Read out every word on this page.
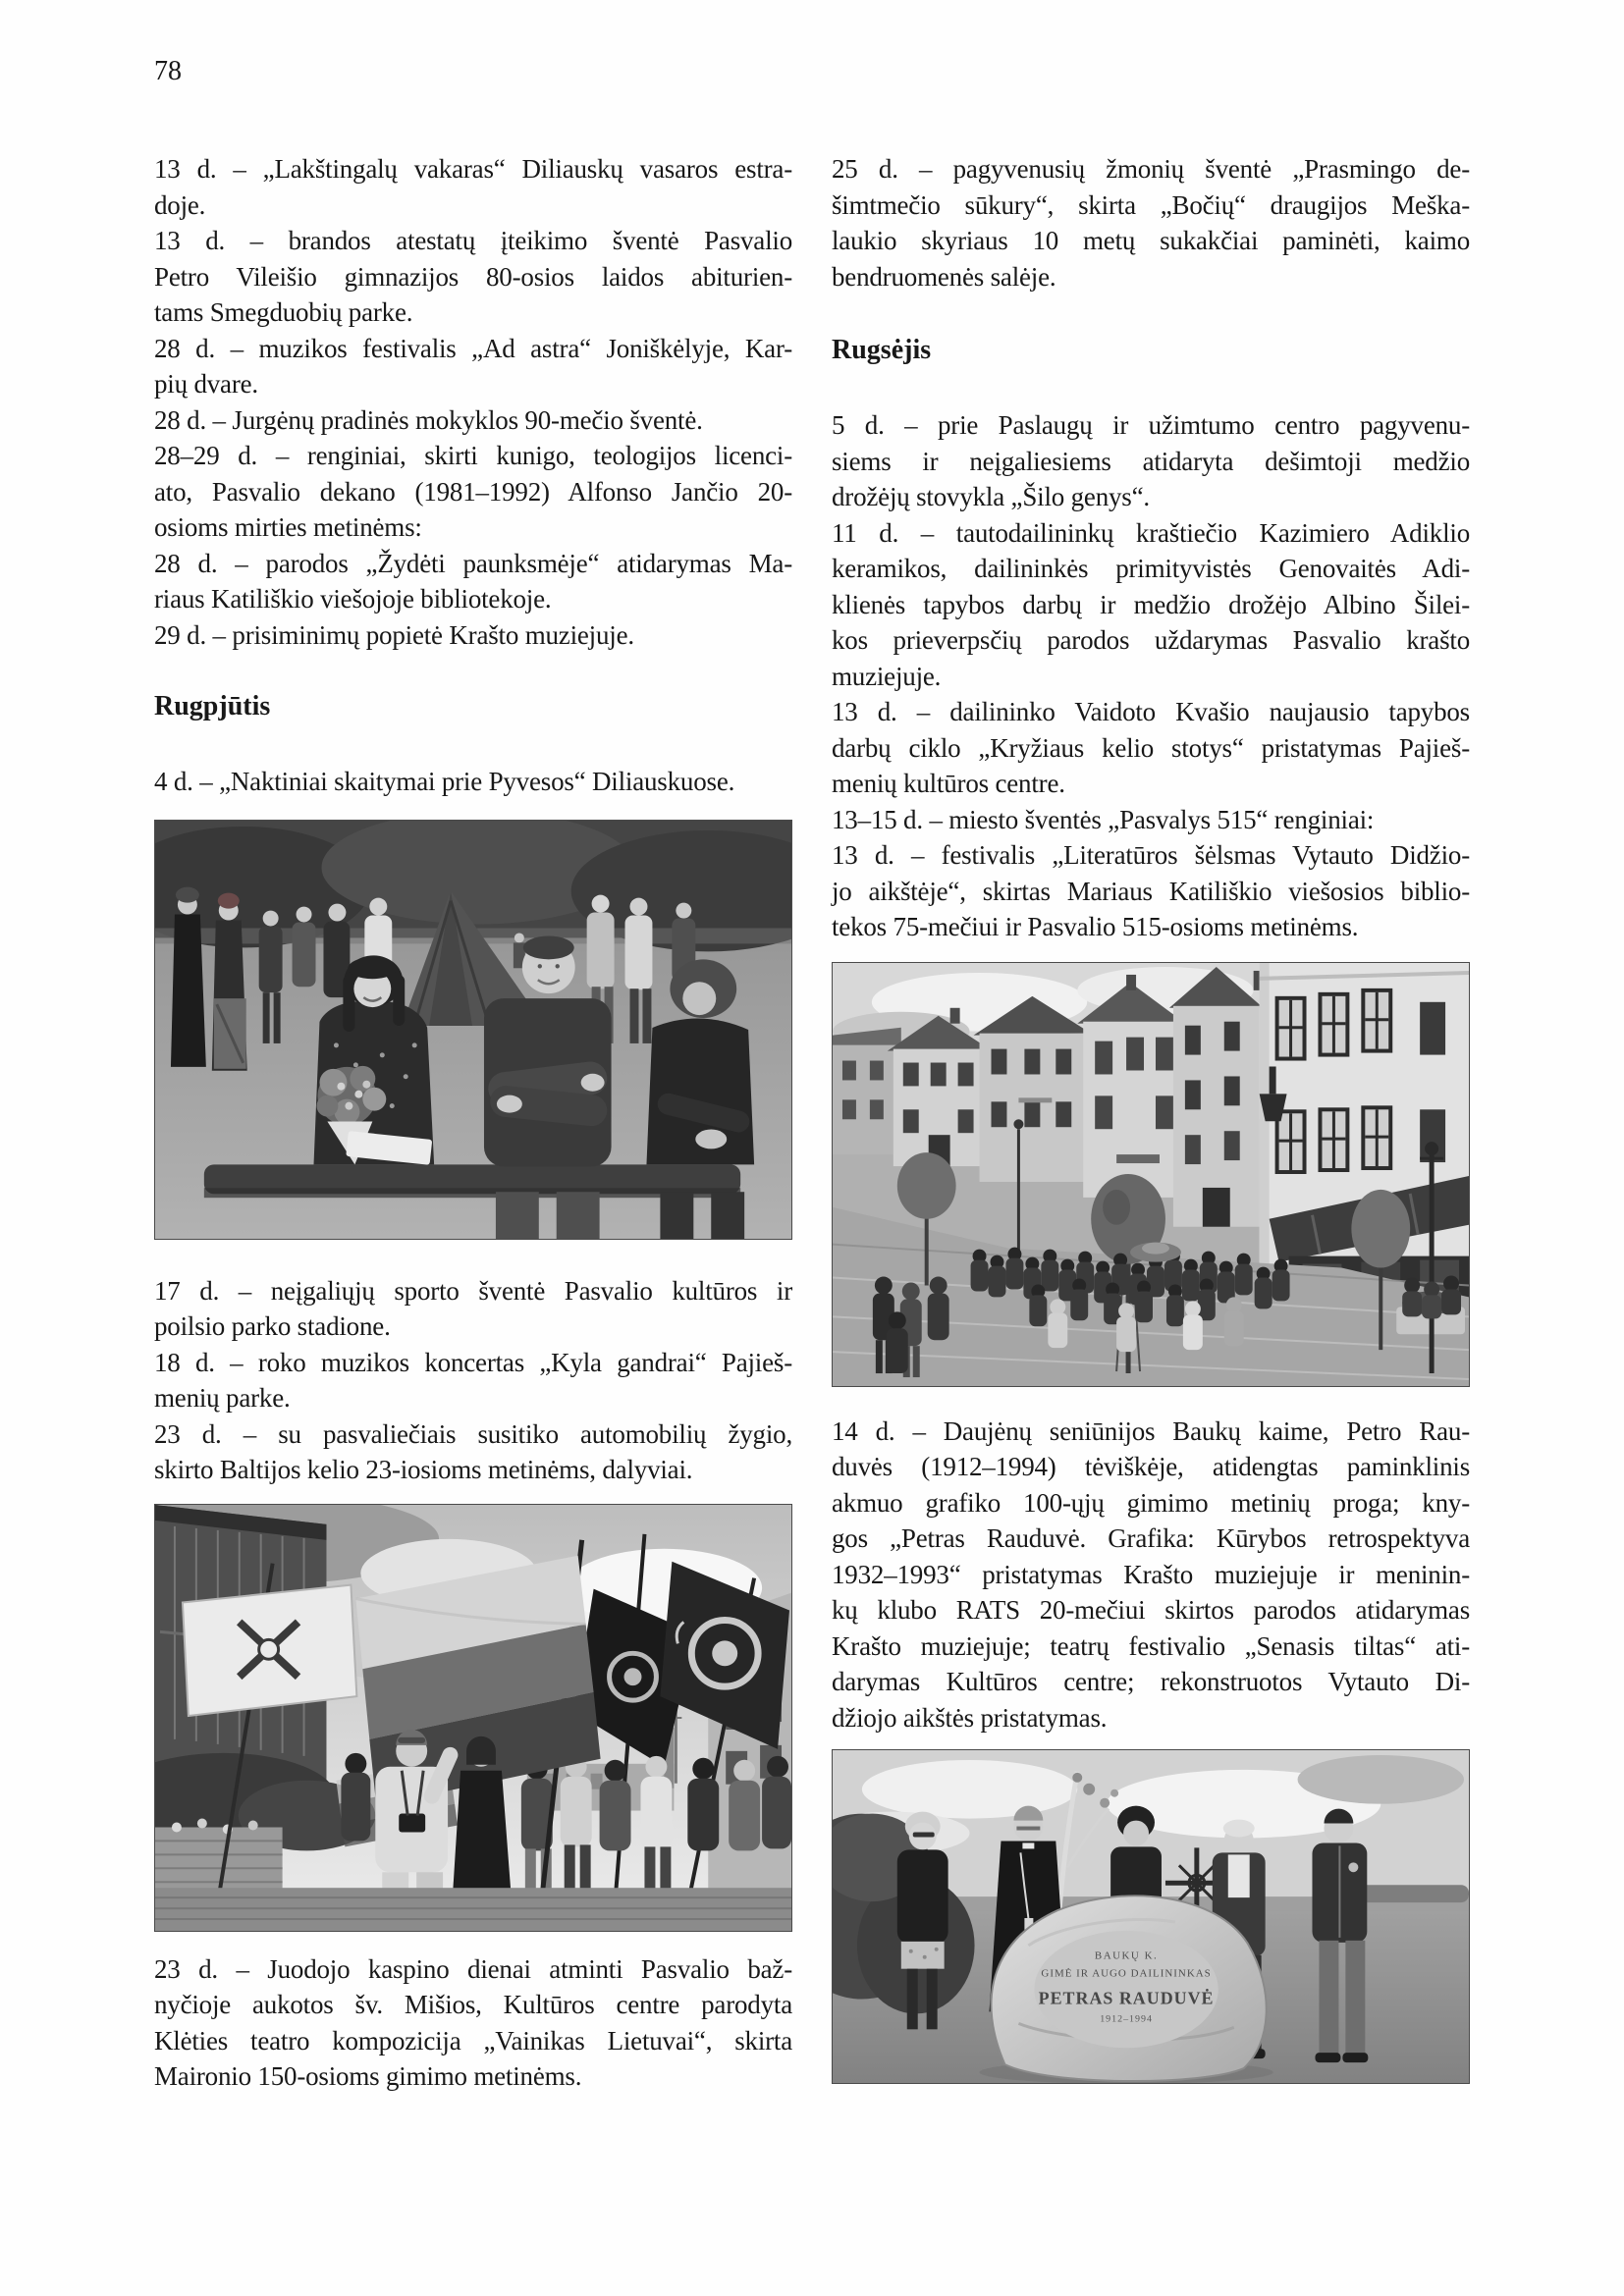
78
13 d. – „Lakštingalų vakaras“ Diliauskų vasaros estra-
doje.
13 d. – brandos atestatų įteikimo šventė Pasvalio
Petro Vileišio gimnazijos 80-osios laidos abiturien-
tams Smegduobių parke.
28 d. – muzikos festivalis „Ad astra“ Joniškėlyje, Kar-
pių dvare.
28 d. – Jurgėnų pradinės mokyklos 90-mečio šventė.
28–29 d. – renginiai, skirti kunigo, teologijos licenci-
ato, Pasvalio dekano (1981–1992) Alfonso Jančio 20-
osioms mirties metinėms:
28 d. – parodos „Žydėti paunksmėje“ atidarymas Ma-
riaus Katiliškio viešojoje bibliotekoje.
29 d. – prisiminimų popietė Krašto muziejuje.
Rugpjūtis
4 d. – „Naktiniai skaitymai prie Pyvesos“ Diliauskuose.
17 d. – neįgaliųjų sporto šventė Pasvalio kultūros ir
poilsio parko stadione.
18 d. – roko muzikos koncertas „Kyla gandrai“ Pajieš-
menių parke.
23 d. – su pasvaliečiais susitiko automobilių žygio,
skirto Baltijos kelio 23-iosioms metinėms, dalyviai.
23 d. – Juodojo kaspino dienai atminti Pasvalio baž-
nyčioje aukotos šv. Mišios, Kultūros centre parodyta
Klėties teatro kompozicija „Vainikas Lietuvai“, skirta
Maironio 150-osioms gimimo metinėms.
25 d. – pagyvenusių žmonių šventė „Prasmingo de-
šimtmečio sūkury“, skirta „Bočių“ draugijos Meška-
laukio skyriaus 10 metų sukakčiai paminėti, kaimo
bendruomenės salėje.
Rugsėjis
5 d. – prie Paslaugų ir užimtumo centro pagyvenu-
siems ir neįgaliesiems atidaryta dešimtoji medžio
drožėjų stovykla „Šilo genys“.
11 d. – tautodailininkų kraštiečio Kazimiero Adiklio
keramikos, dailininkės primityvistės Genovaitės Adi-
klienės tapybos darbų ir medžio drožėjo Albino Šilei-
kos prieverpsčių parodos uždarymas Pasvalio krašto
muziejuje.
13 d. – dailininko Vaidoto Kvašio naujausio tapybos
darbų ciklo „Kryžiaus kelio stotys“ pristatymas Pajieš-
menių kultūros centre.
13–15 d. – miesto šventės „Pasvalys 515“ renginiai:
13 d. – festivalis „Literatūros šėlsmas Vytauto Didžio-
jo aikštėje“, skirtas Mariaus Katiliškio viešosios biblio-
tekos 75-mečiui ir Pasvalio 515-osioms metinėms.
14 d. – Daujėnų seniūnijos Baukų kaime, Petro Rau-
duvės (1912–1994) tėviškėje, atidengtas paminklinis
akmuo grafiko 100-ųjų gimimo metinių proga; kny-
gos „Petras Rauduvė. Grafika: Kūrybos retrospektyva
1932–1993“ pristatymas Krašto muziejuje ir meninin-
kų klubo RATS 20-mečiui skirtos parodos atidarymas
Krašto muziejuje; teatrų festivalio „Senasis tiltas“ ati-
darymas Kultūros centre; rekonstruotos Vytauto Di-
džiojo aikštės pristatymas.
BAUKŲ K.
GIMĖ IR AUGO DAILININKAS
PETRAS RAUDUVĖ
1912–1994
